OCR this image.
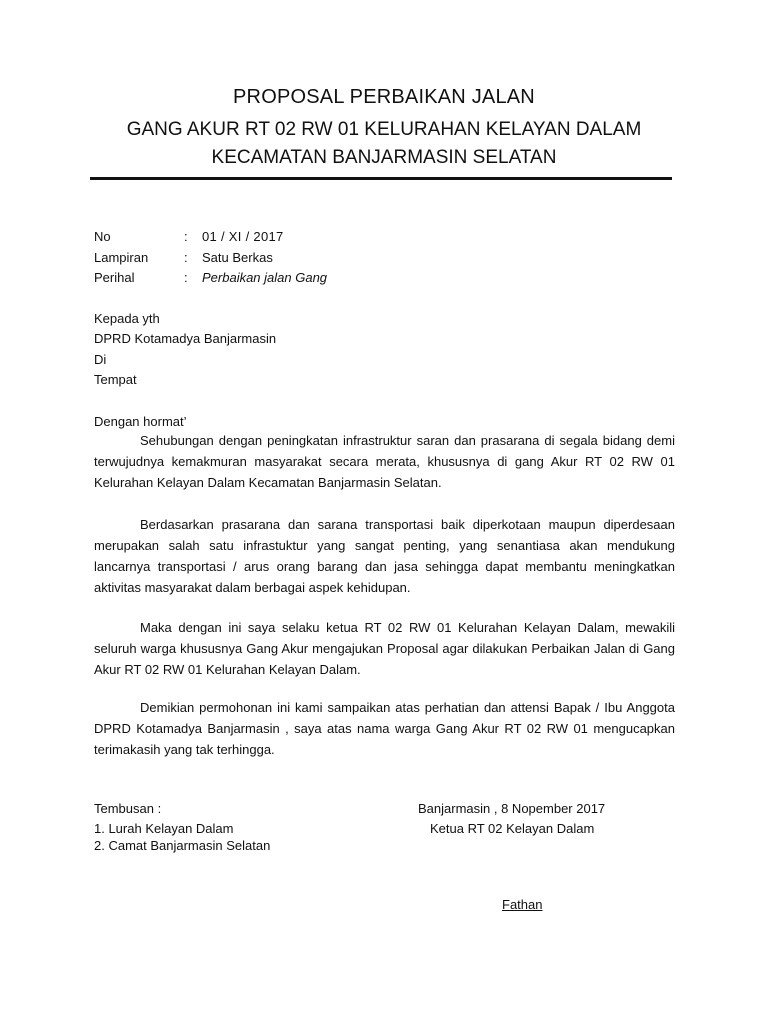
PROPOSAL PERBAIKAN JALAN
GANG AKUR RT 02 RW 01 KELURAHAN KELAYAN DALAM
KECAMATAN BANJARMASIN SELATAN
No	: 01 / XI / 2017
Lampiran	: Satu Berkas
Perihal	: Perbaikan jalan Gang
Kepada yth
DPRD Kotamadya Banjarmasin
Di
Tempat
Dengan hormat’

Sehubungan dengan peningkatan infrastruktur saran dan prasarana di segala bidang demi terwujudnya kemakmuran masyarakat secara merata, khususnya di gang Akur RT 02 RW 01 Kelurahan Kelayan Dalam Kecamatan Banjarmasin Selatan.

Berdasarkan prasarana dan sarana transportasi baik diperkotaan maupun diperdesaan merupakan salah satu infrastuktur yang sangat penting, yang senantiasa akan mendukung lancarnya transportasi / arus orang barang dan jasa sehingga dapat membantu meningkatkan aktivitas masyarakat dalam berbagai aspek kehidupan.

Maka dengan ini saya selaku ketua RT 02 RW 01 Kelurahan Kelayan Dalam, mewakili seluruh warga khususnya Gang Akur mengajukan Proposal agar dilakukan Perbaikan Jalan di Gang Akur RT 02 RW 01 Kelurahan Kelayan Dalam.

Demikian permohonan ini kami sampaikan atas perhatian dan attensi Bapak / Ibu Anggota DPRD Kotamadya Banjarmasin , saya atas nama warga Gang Akur RT 02 RW 01 mengucapkan terimakasih yang tak terhingga.

Tembusan :
1. Lurah Kelayan Dalam
2. Camat Banjarmasin Selatan
Banjarmasin , 8 Nopember 2017
Ketua RT 02 Kelayan Dalam
Fathan
